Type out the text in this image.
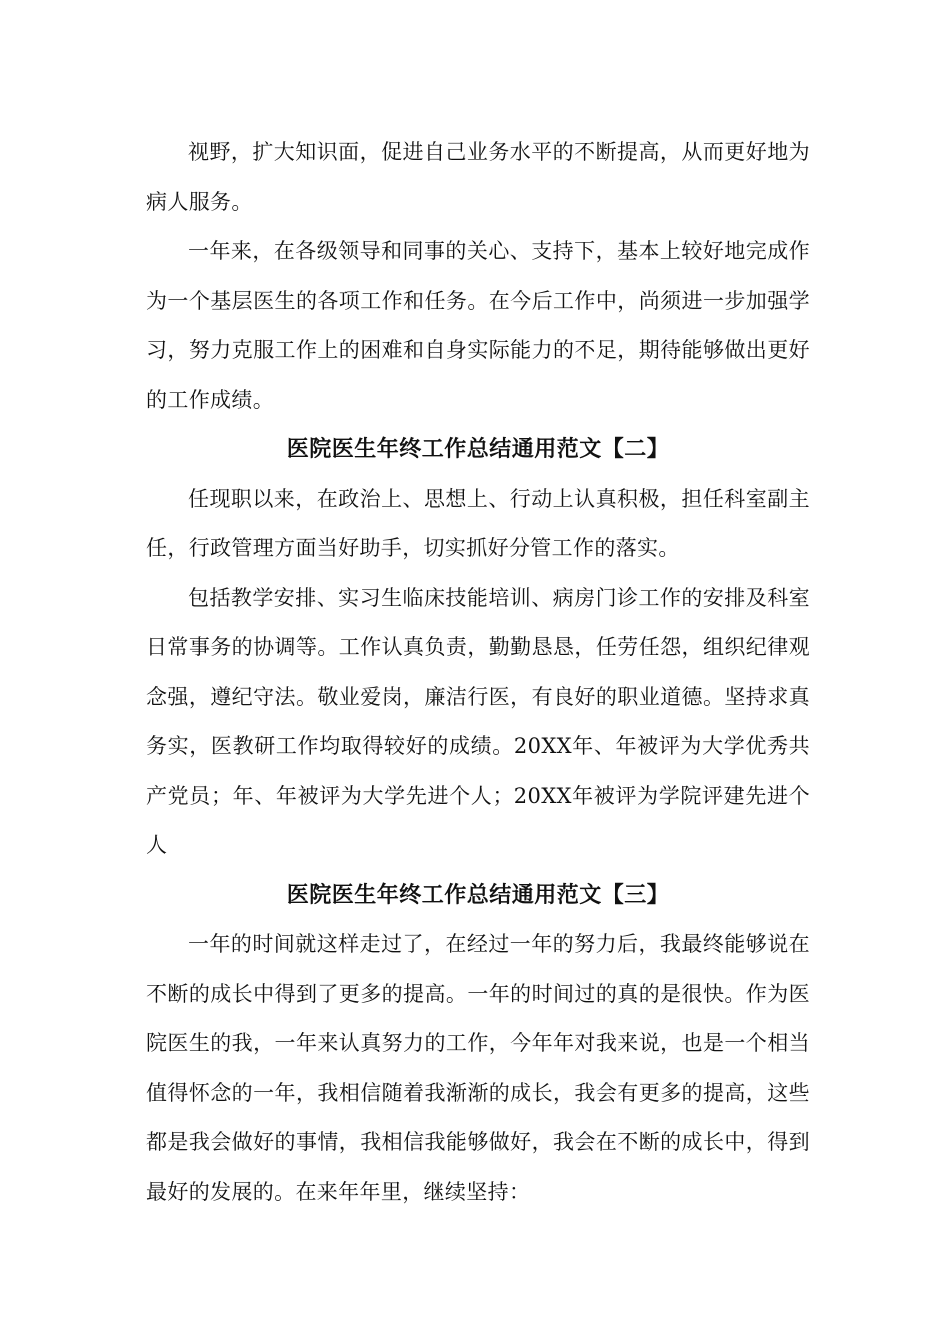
视野，扩大知识面，促进自己业务水平的不断提高，从而更好地为病人服务。

一年来，在各级领导和同事的关心、支持下，基本上较好地完成作为一个基层医生的各项工作和任务。在今后工作中，尚须进一步加强学习，努力克服工作上的困难和自身实际能力的不足，期待能够做出更好的工作成绩。

医院医生年终工作总结通用范文【二】

任现职以来，在政治上、思想上、行动上认真积极，担任科室副主任，行政管理方面当好助手，切实抓好分管工作的落实。

包括教学安排、实习生临床技能培训、病房门诊工作的安排及科室日常事务的协调等。工作认真负责，勤勤恳恳，任劳任怨，组织纪律观念强，遵纪守法。敬业爱岗，廉洁行医，有良好的职业道德。坚持求真务实，医教研工作均取得较好的成绩。20XX年、年被评为大学优秀共产党员；年、年被评为大学先进个人；20XX年被评为学院评建先进个人

医院医生年终工作总结通用范文【三】

一年的时间就这样走过了，在经过一年的努力后，我最终能够说在不断的成长中得到了更多的提高。一年的时间过的真的是很快。作为医院医生的我，一年来认真努力的工作，今年年对我来说，也是一个相当值得怀念的一年，我相信随着我渐渐的成长，我会有更多的提高，这些都是我会做好的事情，我相信我能够做好，我会在不断的成长中，得到最好的发展的。在来年年里，继续坚持：
